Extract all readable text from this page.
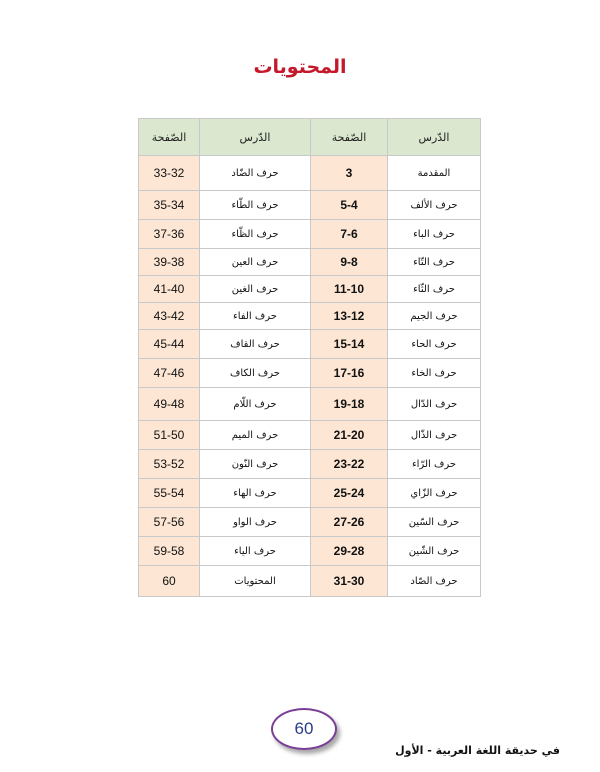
المحتويات
الدّرس	الصّفحة	الدّرس	الصّفحة
المقدمة	3	حرف الضّاد	33-32
حرف الألف	5-4	حرف الطّاء	35-34
حرف الباء	7-6	حرف الظّاء	37-36
حرف التّاء	9-8	حرف العين	39-38
حرف الثّاء	11-10	حرف الغين	41-40
حرف الجيم	13-12	حرف الفاء	43-42
حرف الحاء	15-14	حرف القاف	45-44
حرف الخاء	17-16	حرف الكاف	47-46
حرف الدّال	19-18	حرف اللّام	49-48
حرف الذّال	21-20	حرف الميم	51-50
حرف الرّاء	23-22	حرف النّون	53-52
حرف الزّاي	25-24	حرف الهاء	55-54
حرف السّين	27-26	حرف الواو	57-56
حرف الشّين	29-28	حرف الياء	59-58
حرف الصّاد	31-30	المحتويات	60
60
في حديقة اللغة العربية - الأول
